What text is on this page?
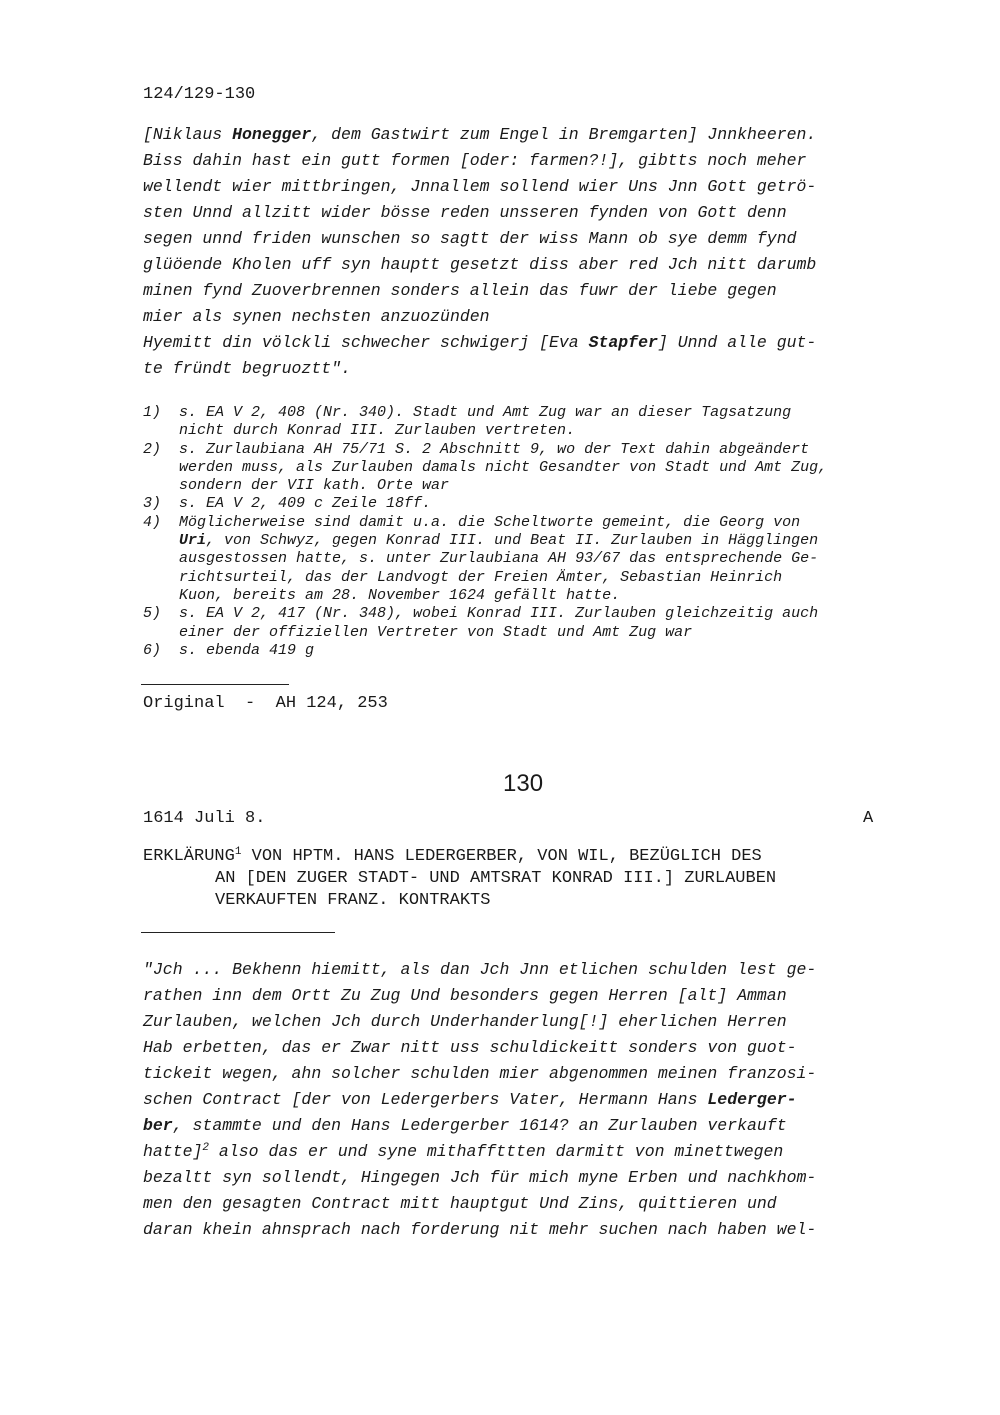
124/129-130
[Niklaus Honegger, dem Gastwirt zum Engel in Bremgarten] Jnnkheeren.
Biss dahin hast ein gutt formen [oder: farmen?!], gibtts noch meher
wellendt wier mittbringen, Jnnallem sollend wier Uns Jnn Gott getrö-
sten Unnd allzitt wider bösse reden unsseren fynden von Gott denn
segen unnd friden wunschen so sagtt der wiss Mann ob sye demm fynd
glüöende Kholen uff syn hauptt gesetzt diss aber red Jch nitt darumb
minen fynd Zuoverbrennen sonders allein das fuwr der liebe gegen
mier als synen nechsten anzuozünden
Hyemitt din völckli schwecher schwigerj [Eva Stapfer] Unnd alle gut-
te fründt begruoztt".
1)	s. EA V 2, 408 (Nr. 340). Stadt und Amt Zug war an dieser Tagsatzung
nicht durch Konrad III. Zurlauben vertreten.
2)	s. Zurlaubiana AH 75/71 S. 2 Abschnitt 9, wo der Text dahin abgeändert
werden muss, als Zurlauben damals nicht Gesandter von Stadt und Amt Zug,
sondern der VII kath. Orte war
3)	s. EA V 2, 409 c Zeile 18ff.
4)	Möglicherweise sind damit u.a. die Scheltworte gemeint, die Georg von
Uri, von Schwyz, gegen Konrad III. und Beat II. Zurlauben in Hägglingen
ausgestossen hatte, s. unter Zurlaubiana AH 93/67 das entsprechende Ge-
richtsurteil, das der Landvogt der Freien Ämter, Sebastian Heinrich
Kuon, bereits am 28. November 1624 gefällt hatte.
5)	s. EA V 2, 417 (Nr. 348), wobei Konrad III. Zurlauben gleichzeitig auch
einer der offiziellen Vertreter von Stadt und Amt Zug war
6)	s. ebenda 419 g
Original  -  AH 124, 253
130
1614 Juli 8.	A
ERKLÄRUNG$^1$ VON HPTM. HANS LEDERGERBER, VON WIL, BEZÜGLICH DES
AN [DEN ZUGER STADT- UND AMTSRAT KONRAD III.] ZURLAUBEN
VERKAUFTEN FRANZ. KONTRAKTS
"Jch ... Bekhenn hiemitt, als dan Jch Jnn etlichen schulden lest ge-
rathen inn dem Ortt Zu Zug Und besonders gegen Herren [alt] Amman
Zurlauben, welchen Jch durch Underhanderlung[!] eherlichen Herren
Hab erbetten, das er Zwar nitt uss schuldickeitt sonders von guot-
tickeit wegen, ahn solcher schulden mier abgenommen meinen franzosi-
schen Contract [der von Ledergerbers Vater, Hermann Hans Lederger-
ber, stammte und den Hans Ledergerber 1614? an Zurlauben verkauft
hatte]$^2$ also das er und syne mithaffttten darmitt von minettwegen
bezaltt syn sollendt, Hingegen Jch für mich myne Erben und nachkhom-
men den gesagten Contract mitt hauptgut Und Zins, quittieren und
daran khein ahnsprach nach forderung nit mehr suchen nach haben wel-
